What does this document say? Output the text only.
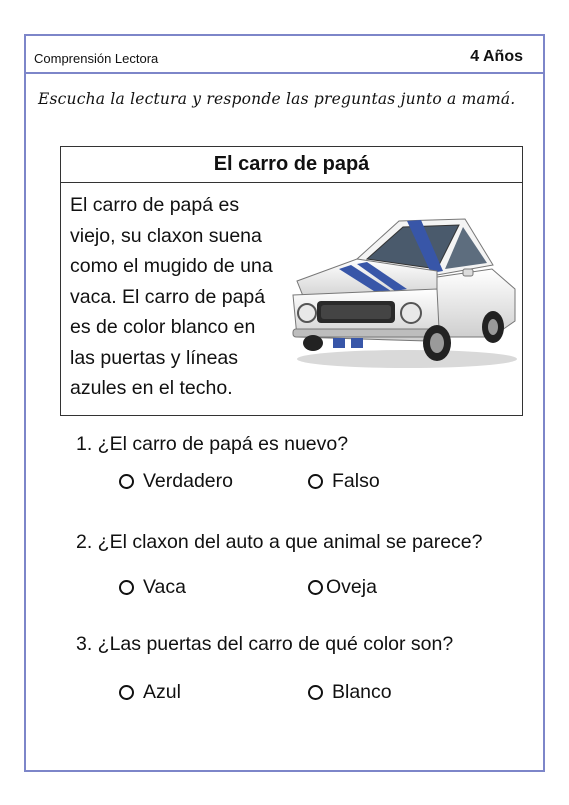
Comprensión Lectora	4 Años
Escucha la lectura y responde las preguntas junto a mamá.
El carro de papá
El carro de papá es
viejo, su claxon suena
como el mugido de una
vaca. El carro de papá
es de color blanco en
las puertas y líneas
azules en el techo.
1. ¿El carro de papá es nuevo?
Verdadero	Falso
2. ¿El claxon del auto a que animal se parece?
Vaca	Oveja
3. ¿Las puertas del carro de qué color son?
Azul	Blanco
